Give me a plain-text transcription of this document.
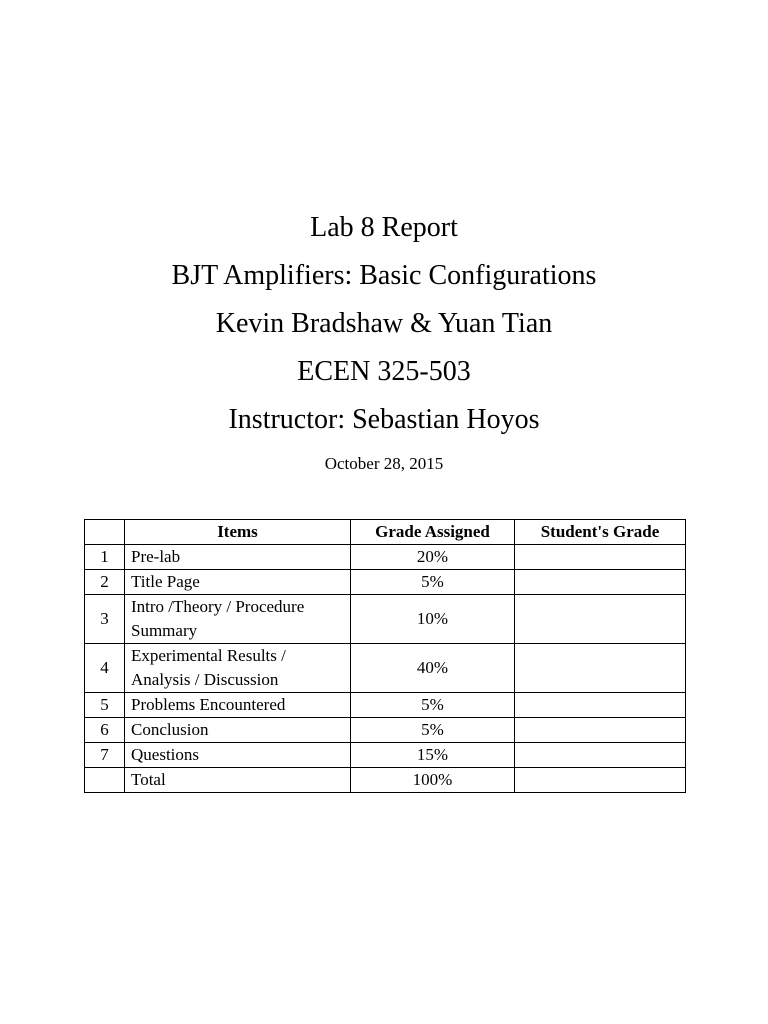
Lab 8 Report
BJT Amplifiers: Basic Configurations
Kevin Bradshaw & Yuan Tian
ECEN 325-503
Instructor: Sebastian Hoyos
October 28, 2015
	Items	Grade Assigned	Student's Grade
1	Pre-lab	20%	
2	Title Page	5%	
3	Intro /Theory / Procedure Summary	10%	
4	Experimental Results / Analysis / Discussion	40%	
5	Problems Encountered	5%	
6	Conclusion	5%	
7	Questions	15%	
	Total	100%	
